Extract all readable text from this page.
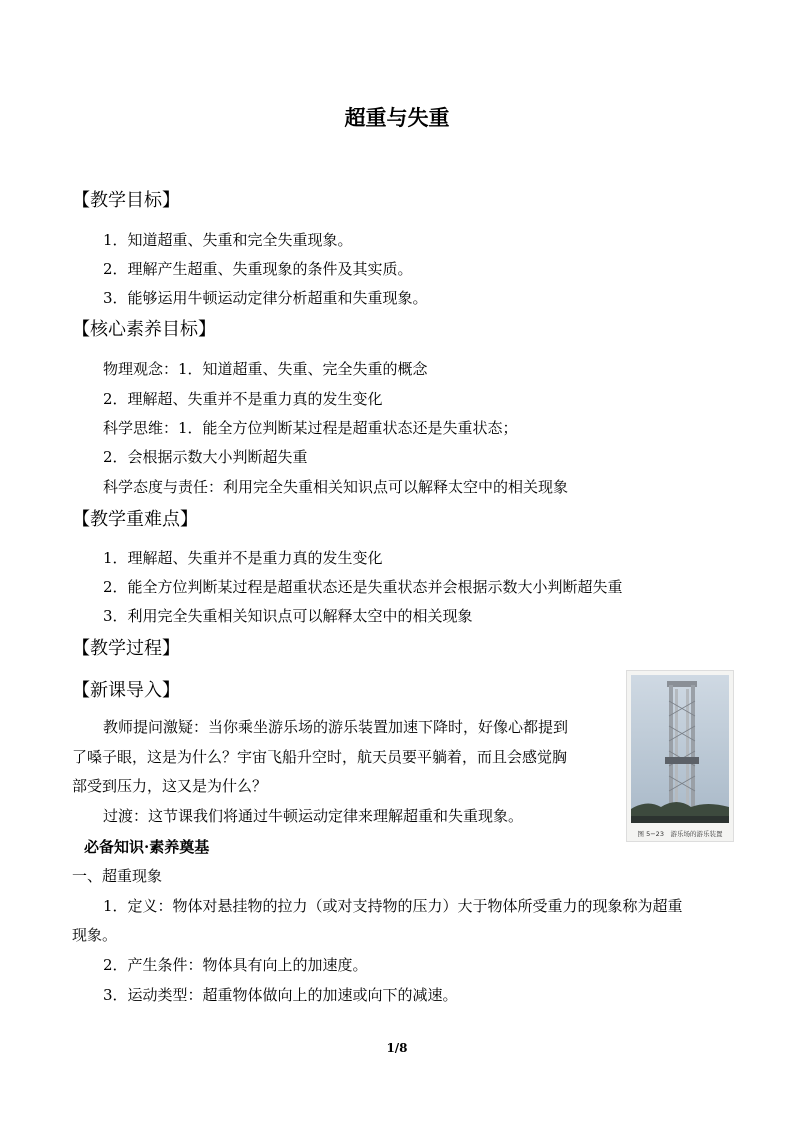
超重与失重
【教学目标】
1．知道超重、失重和完全失重现象。
2．理解产生超重、失重现象的条件及其实质。
3．能够运用牛顿运动定律分析超重和失重现象。
【核心素养目标】
物理观念：1．知道超重、失重、完全失重的概念
2．理解超、失重并不是重力真的发生变化
科学思维：1．能全方位判断某过程是超重状态还是失重状态；
2．会根据示数大小判断超失重
科学态度与责任：利用完全失重相关知识点可以解释太空中的相关现象
【教学重难点】
1．理解超、失重并不是重力真的发生变化
2．能全方位判断某过程是超重状态还是失重状态并会根据示数大小判断超失重
3．利用完全失重相关知识点可以解释太空中的相关现象
【教学过程】
【新课导入】
教师提问激疑：当你乘坐游乐场的游乐装置加速下降时，好像心都提到
了嗓子眼，这是为什么？宇宙飞船升空时，航天员要平躺着，而且会感觉胸
部受到压力，这又是为什么？
过渡：这节课我们将通过牛顿运动定律来理解超重和失重现象。
图 5−23　游乐场的游乐装置
必备知识·素养奠基
一、超重现象
1．定义：物体对悬挂物的拉力（或对支持物的压力）大于物体所受重力的现象称为超重
现象。
2．产生条件：物体具有向上的加速度。
3．运动类型：超重物体做向上的加速或向下的减速。
1/8
